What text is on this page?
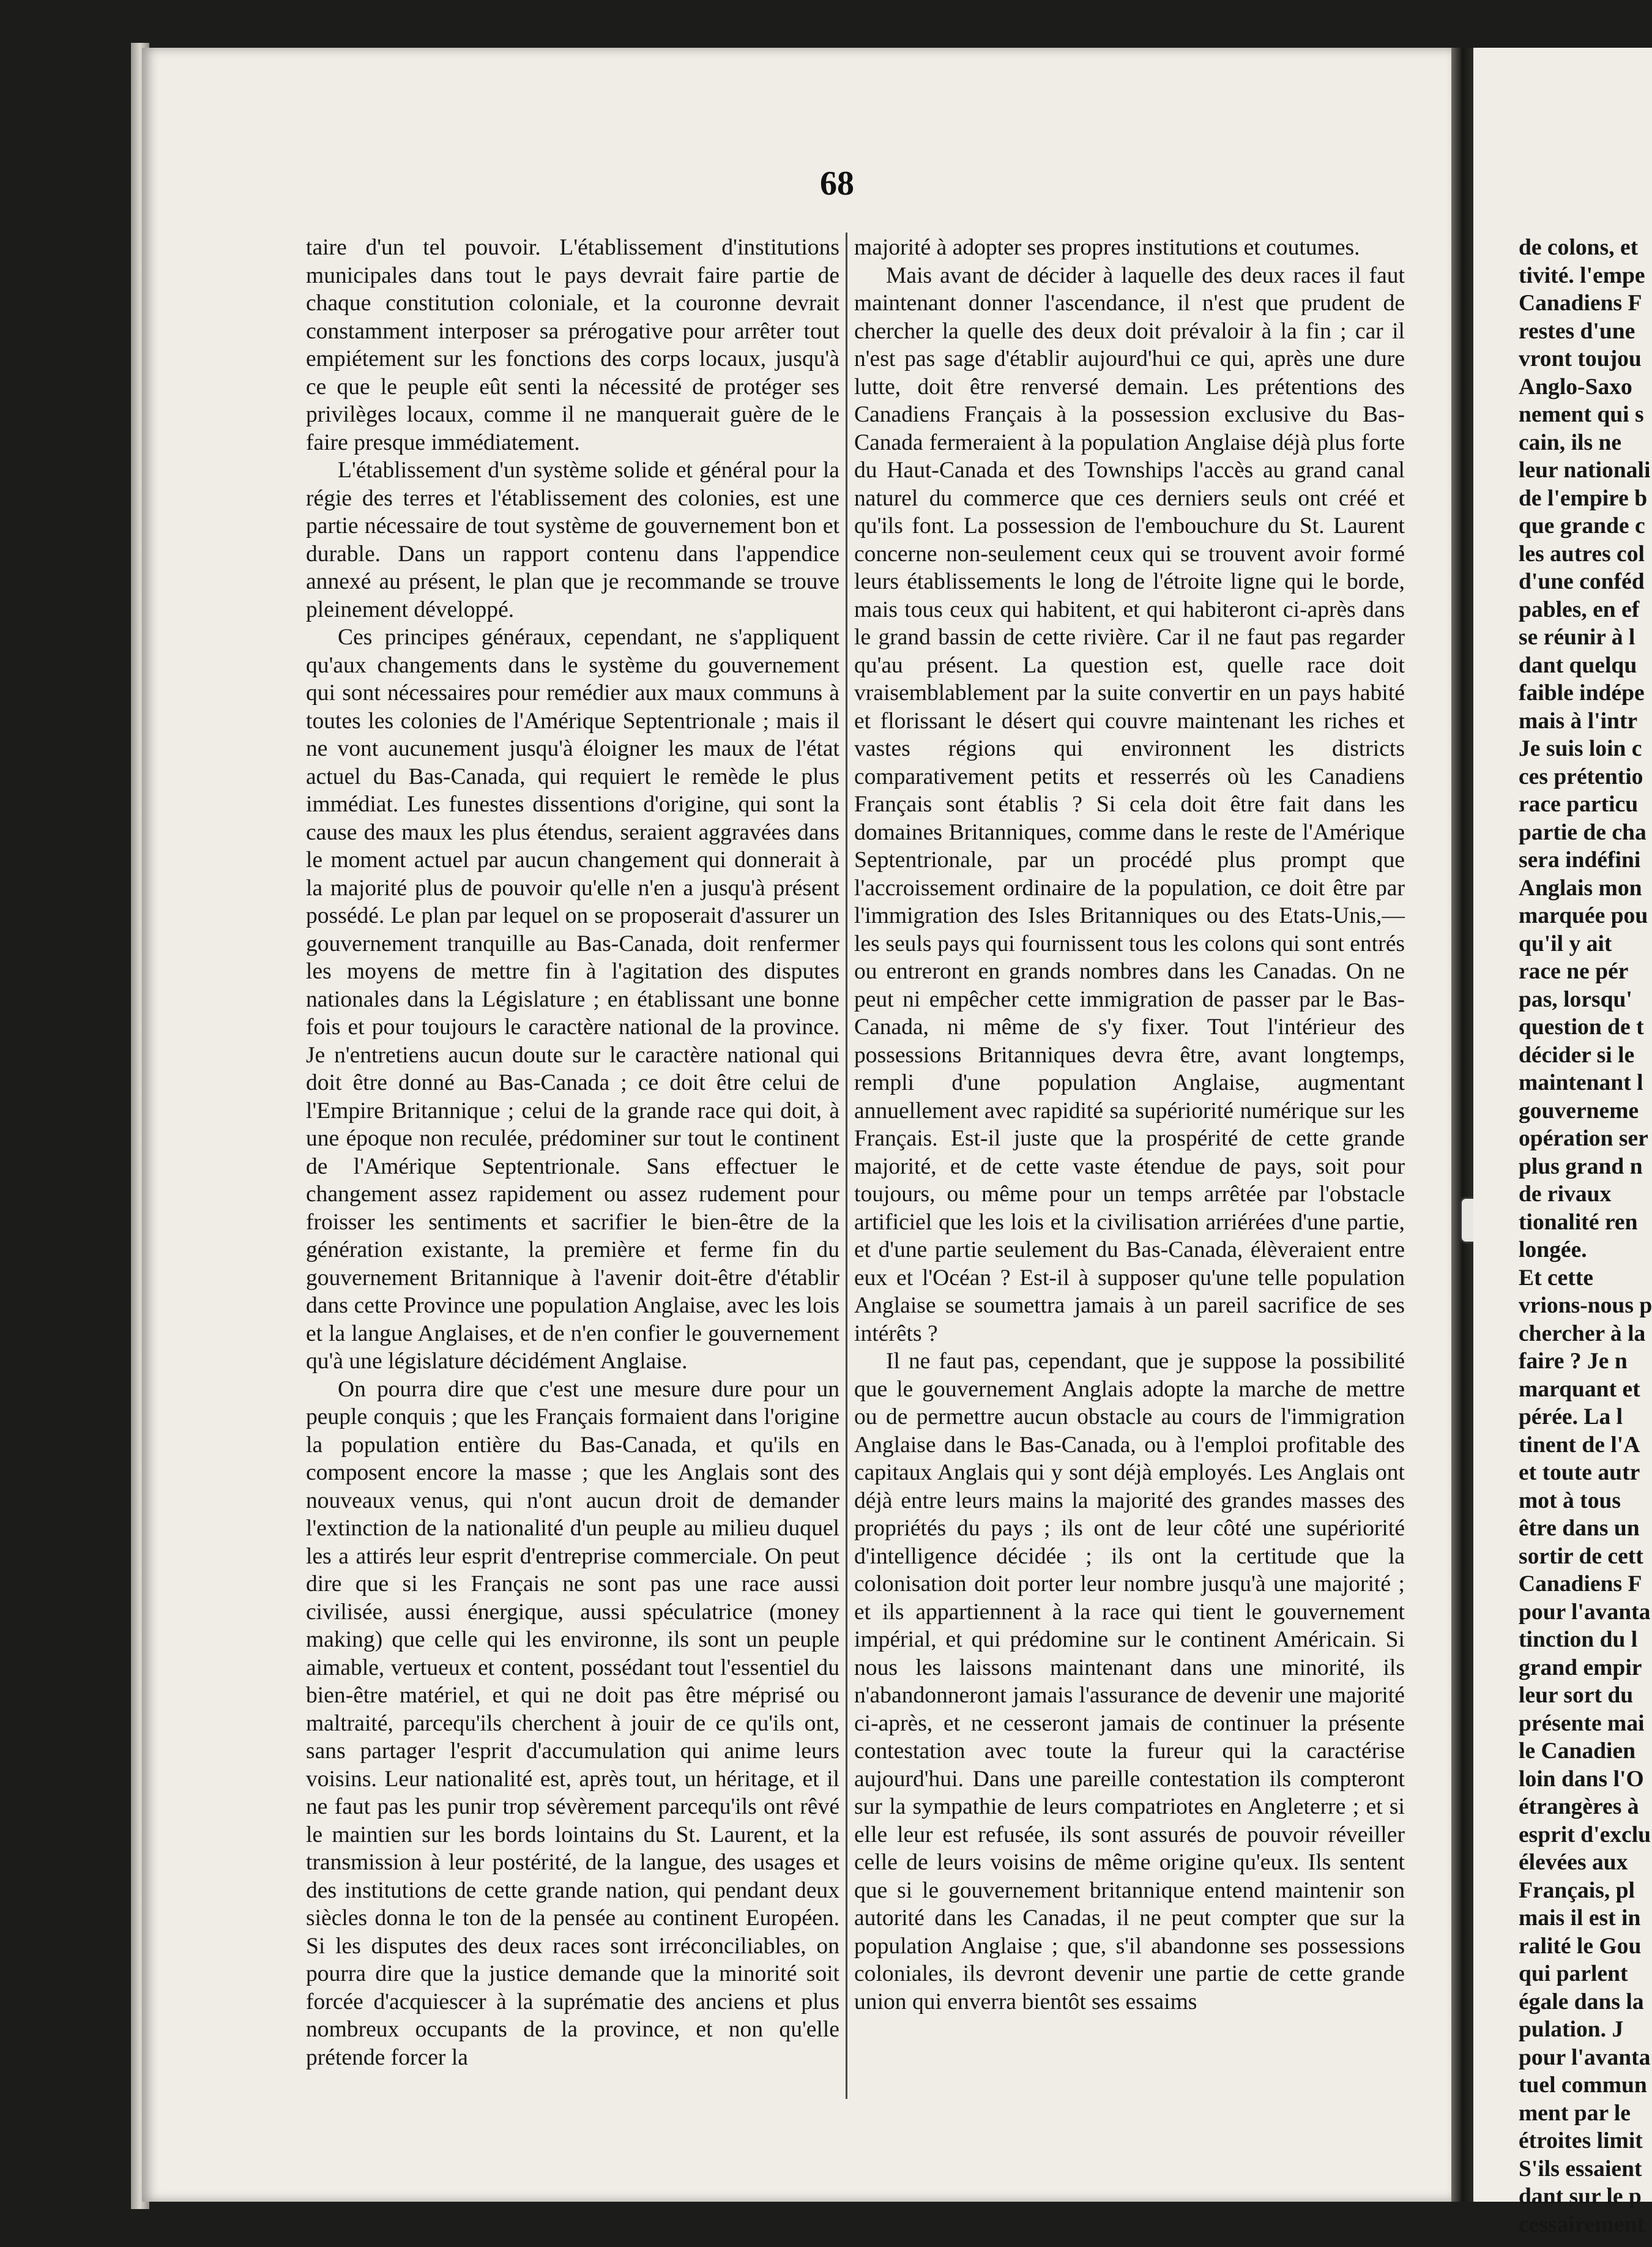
68

taire d'un tel pouvoir. L'établissement d'institutions municipales dans tout le pays devrait faire partie de chaque constitution coloniale, et la couronne devrait constamment interposer sa prérogative pour arrêter tout empiétement sur les fonctions des corps locaux, jusqu'à ce que le peuple eût senti la nécessité de protéger ses privilèges locaux, comme il ne manquerait guère de le faire presque immédiatement.

L'établissement d'un système solide et général pour la régie des terres et l'établissement des colonies, est une partie nécessaire de tout système de gouvernement bon et durable. Dans un rapport contenu dans l'appendice annexé au présent, le plan que je recommande se trouve pleinement développé.

Ces principes généraux, cependant, ne s'appliquent qu'aux changements dans le système du gouvernement qui sont nécessaires pour remédier aux maux communs à toutes les colonies de l'Amérique Septentrionale ; mais il ne vont aucunement jusqu'à éloigner les maux de l'état actuel du Bas-Canada, qui requiert le remède le plus immédiat. Les funestes dissentions d'origine, qui sont la cause des maux les plus étendus, seraient aggravées dans le moment actuel par aucun changement qui donnerait à la majorité plus de pouvoir qu'elle n'en a jusqu'à présent possédé. Le plan par lequel on se proposerait d'assurer un gouvernement tranquille au Bas-Canada, doit renfermer les moyens de mettre fin à l'agitation des disputes nationales dans la Législature ; en établissant une bonne fois et pour toujours le caractère national de la province. Je n'entretiens aucun doute sur le caractère national qui doit être donné au Bas-Canada ; ce doit être celui de l'Empire Britannique ; celui de la grande race qui doit, à une époque non reculée, prédominer sur tout le continent de l'Amérique Septentrionale. Sans effectuer le changement assez rapidement ou assez rudement pour froisser les sentiments et sacrifier le bien-être de la génération existante, la première et ferme fin du gouvernement Britannique à l'avenir doit-être d'établir dans cette Province une population Anglaise, avec les lois et la langue Anglaises, et de n'en confier le gouvernement qu'à une législature décidément Anglaise.

On pourra dire que c'est une mesure dure pour un peuple conquis ; que les Français formaient dans l'origine la population entière du Bas-Canada, et qu'ils en composent encore la masse ; que les Anglais sont des nouveaux venus, qui n'ont aucun droit de demander l'extinction de la nationalité d'un peuple au milieu duquel les a attirés leur esprit d'entreprise commerciale. On peut dire que si les Français ne sont pas une race aussi civilisée, aussi énergique, aussi spéculatrice (money making) que celle qui les environne, ils sont un peuple aimable, vertueux et content, possédant tout l'essentiel du bien-être matériel, et qui ne doit pas être méprisé ou maltraité, parcequ'ils cherchent à jouir de ce qu'ils ont, sans partager l'esprit d'accumulation qui anime leurs voisins. Leur nationalité est, après tout, un héritage, et il ne faut pas les punir trop sévèrement parcequ'ils ont rêvé le maintien sur les bords lointains du St. Laurent, et la transmission à leur postérité, de la langue, des usages et des institutions de cette grande nation, qui pendant deux siècles donna le ton de la pensée au continent Européen. Si les disputes des deux races sont irréconciliables, on pourra dire que la justice demande que la minorité soit forcée d'acquiescer à la suprématie des anciens et plus nombreux occupants de la province, et non qu'elle prétende forcer la

majorité à adopter ses propres institutions et coutumes.

Mais avant de décider à laquelle des deux races il faut maintenant donner l'ascendance, il n'est que prudent de chercher la quelle des deux doit prévaloir à la fin ; car il n'est pas sage d'établir aujourd'hui ce qui, après une dure lutte, doit être renversé demain. Les prétentions des Canadiens Français à la possession exclusive du Bas-Canada fermeraient à la population Anglaise déjà plus forte du Haut-Canada et des Townships l'accès au grand canal naturel du commerce que ces derniers seuls ont créé et qu'ils font. La possession de l'embouchure du St. Laurent concerne non-seulement ceux qui se trouvent avoir formé leurs établissements le long de l'étroite ligne qui le borde, mais tous ceux qui habitent, et qui habiteront ci-après dans le grand bassin de cette rivière. Car il ne faut pas regarder qu'au présent. La question est, quelle race doit vraisemblablement par la suite convertir en un pays habité et florissant le désert qui couvre maintenant les riches et vastes régions qui environnent les districts comparativement petits et resserrés où les Canadiens Français sont établis ? Si cela doit être fait dans les domaines Britanniques, comme dans le reste de l'Amérique Septentrionale, par un procédé plus prompt que l'accroissement ordinaire de la population, ce doit être par l'immigration des Isles Britanniques ou des Etats-Unis,—les seuls pays qui fournissent tous les colons qui sont entrés ou entreront en grands nombres dans les Canadas. On ne peut ni empêcher cette immigration de passer par le Bas-Canada, ni même de s'y fixer. Tout l'intérieur des possessions Britanniques devra être, avant longtemps, rempli d'une population Anglaise, augmentant annuellement avec rapidité sa supériorité numérique sur les Français. Est-il juste que la prospérité de cette grande majorité, et de cette vaste étendue de pays, soit pour toujours, ou même pour un temps arrêtée par l'obstacle artificiel que les lois et la civilisation arriérées d'une partie, et d'une partie seulement du Bas-Canada, élèveraient entre eux et l'Océan ? Est-il à supposer qu'une telle population Anglaise se soumettra jamais à un pareil sacrifice de ses intérêts ?

Il ne faut pas, cependant, que je suppose la possibilité que le gouvernement Anglais adopte la marche de mettre ou de permettre aucun obstacle au cours de l'immigration Anglaise dans le Bas-Canada, ou à l'emploi profitable des capitaux Anglais qui y sont déjà employés. Les Anglais ont déjà entre leurs mains la majorité des grandes masses des propriétés du pays ; ils ont de leur côté une supériorité d'intelligence décidée ; ils ont la certitude que la colonisation doit porter leur nombre jusqu'à une majorité ; et ils appartiennent à la race qui tient le gouvernement impérial, et qui prédomine sur le continent Américain. Si nous les laissons maintenant dans une minorité, ils n'abandonneront jamais l'assurance de devenir une majorité ci-après, et ne cesseront jamais de continuer la présente contestation avec toute la fureur qui la caractérise aujourd'hui. Dans une pareille contestation ils compteront sur la sympathie de leurs compatriotes en Angleterre ; et si elle leur est refusée, ils sont assurés de pouvoir réveiller celle de leurs voisins de même origine qu'eux. Ils sentent que si le gouvernement britannique entend maintenir son autorité dans les Canadas, il ne peut compter que sur la population Anglaise ; que, s'il abandonne ses possessions coloniales, ils devront devenir une partie de cette grande union qui enverra bientôt ses essaims

de colons, et

tivité. l'empe

Canadiens F

restes d'une

vront toujou

Anglo-Saxo

nement qui s

cain, ils ne

leur nationali

de l'empire b

que grande c

les autres col

d'une conféd

pables, en ef

se réunir à l

dant quelqu

faible indépe

mais à l'intr

Je suis loin c

ces prétentio

race particu

partie de cha

sera indéfini

Anglais mon

marquée pou

qu'il y ait

race ne pér

pas, lorsqu'

question de t

décider si le

maintenant l

gouverneme

opération ser

plus grand n

de rivaux

tionalité ren

longée.

Et cette

vrions-nous p

chercher à la

faire ? Je n

marquant et

pérée. La l

tinent de l'A

et toute autr

mot à tous

être dans un

sortir de cett

Canadiens F

pour l'avanta

tinction du l

grand empir

leur sort du

présente mai

le Canadien

loin dans l'O

étrangères à

esprit d'exclu

élevées aux

Français, pl

mais il est in

ralité le Gou

qui parlent

égale dans la

pulation. J

pour l'avanta

tuel commun

ment par le

étroites limit

S'ils essaient

dant sur le p

cessairement
